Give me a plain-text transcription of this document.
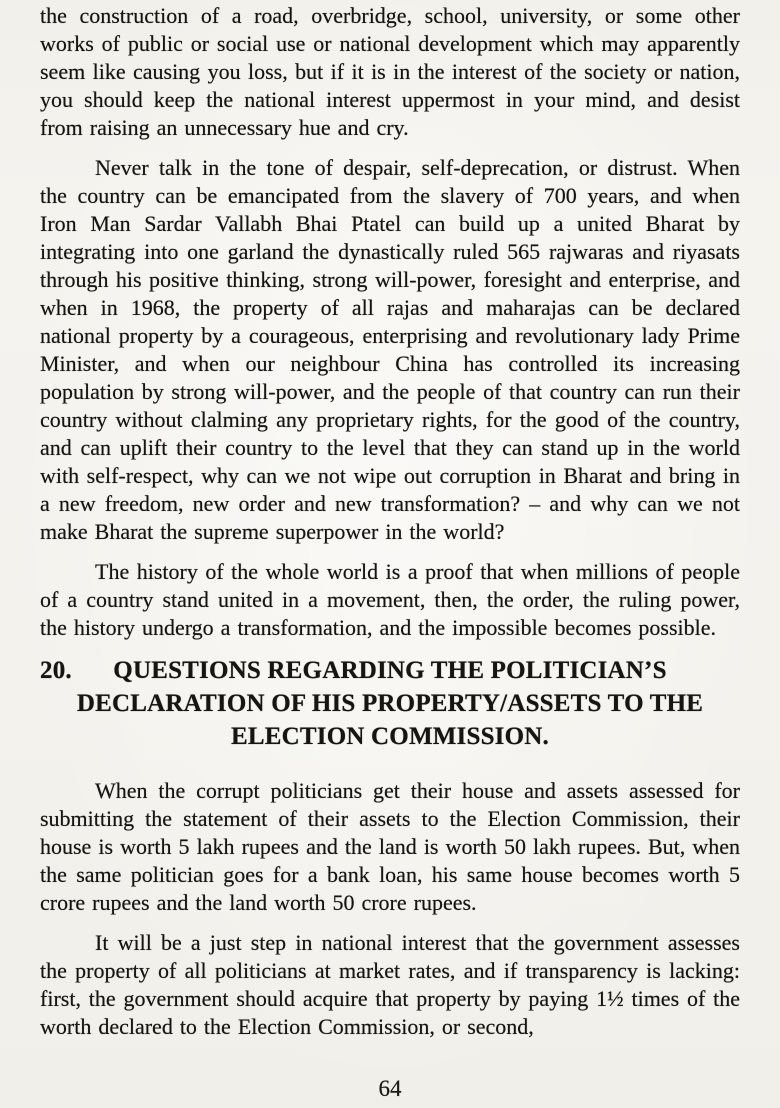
the construction of a road, overbridge, school, university, or some other works of public or social use or national development which may apparently seem like causing you loss, but if it is in the interest of the society or nation, you should keep the national interest uppermost in your mind, and desist from raising an unnecessary hue and cry.

Never talk in the tone of despair, self-deprecation, or distrust. When the country can be emancipated from the slavery of 700 years, and when Iron Man Sardar Vallabh Bhai Ptatel can build up a united Bharat by integrating into one garland the dynastically ruled 565 rajwaras and riyasats through his positive thinking, strong will-power, foresight and enterprise, and when in 1968, the property of all rajas and maharajas can be declared national property by a courageous, enterprising and revolutionary lady Prime Minister, and when our neighbour China has controlled its increasing population by strong will-power, and the people of that country can run their country without clalming any proprietary rights, for the good of the country, and can uplift their country to the level that they can stand up in the world with self-respect, why can we not wipe out corruption in Bharat and bring in a new freedom, new order and new transformation? – and why can we not make Bharat the supreme superpower in the world?

The history of the whole world is a proof that when millions of people of a country stand united in a movement, then, the order, the ruling power, the history undergo a transformation, and the impossible becomes possible.

20.	QUESTIONS REGARDING THE POLITICIAN’S
DECLARATION OF HIS PROPERTY/ASSETS TO THE
ELECTION COMMISSION.

When the corrupt politicians get their house and assets assessed for submitting the statement of their assets to the Election Commission, their house is worth 5 lakh rupees and the land is worth 50 lakh rupees. But, when the same politician goes for a bank loan, his same house becomes worth 5 crore rupees and the land worth 50 crore rupees.

It will be a just step in national interest that the government assesses the property of all politicians at market rates, and if transparency is lacking: first, the government should acquire that property by paying 1½ times of the worth declared to the Election Commission, or second,

64
